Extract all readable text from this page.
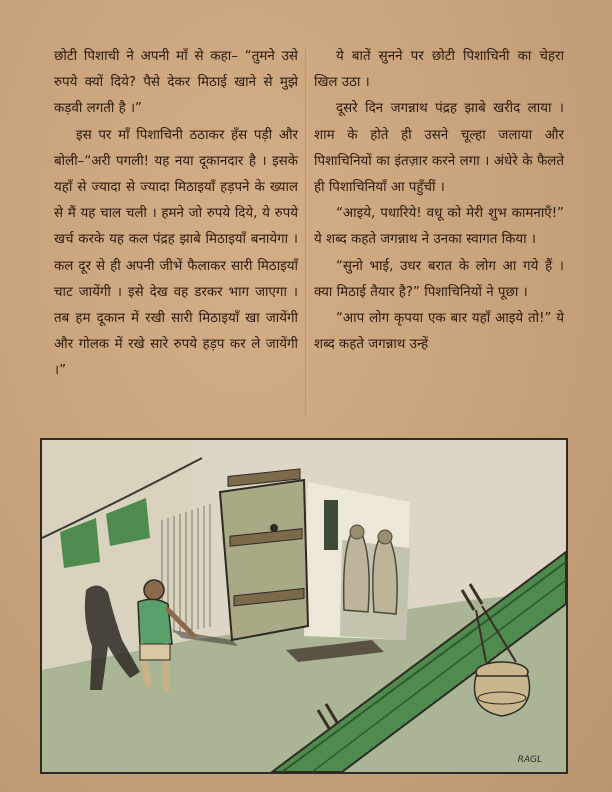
छोटी पिशाची ने अपनी माँ से कहा– “तुमने उसे रुपये क्यों दिये? पैसे देकर मिठाई खाने से मुझे कड़वी लगती है ।”

इस पर माँ पिशाचिनी ठठाकर हँस पड़ी और बोली–“अरी पगली! यह नया दूकानदार है । इसके यहाँ से ज्यादा से ज्यादा मिठाइयाँ हड़पने के ख्याल से मैं यह चाल चली । हमने जो रुपये दिये, ये रुपये खर्च करके यह कल पंद्रह झाबे मिठाइयाँ बनायेगा । कल दूर से ही अपनी जीभें फैलाकर सारी मिठाइयाँ चाट जायेंगी । इसे देख वह डरकर भाग जाएगा । तब हम दूकान में रखी सारी मिठाइयाँ खा जायेंगी और गोलक में रखे सारे रुपये हड़प कर ले जायेंगी ।”

ये बातें सुनने पर छोटी पिशाचिनी का चेहरा खिल उठा ।

दूसरे दिन जगन्नाथ पंद्रह झाबे खरीद लाया । शाम के होते ही उसने चूल्हा जलाया और पिशाचिनियों का इंतज़ार करने लगा । अंधेरे के फैलते ही पिशाचिनियाँ आ पहुँचीं ।

“आइये, पधारिये! वधू को मेरी शुभ कामनाएँ!” ये शब्द कहते जगन्नाथ ने उनका स्वागत किया ।

“सुनो भाई, उधर बरात के लोग आ गये हैं । क्या मिठाई तैयार है?” पिशाचिनियों ने पूछा ।

“आप लोग कृपया एक बार यहाँ आइये तो!” ये शब्द कहते जगन्नाथ उन्हें

RAGL
